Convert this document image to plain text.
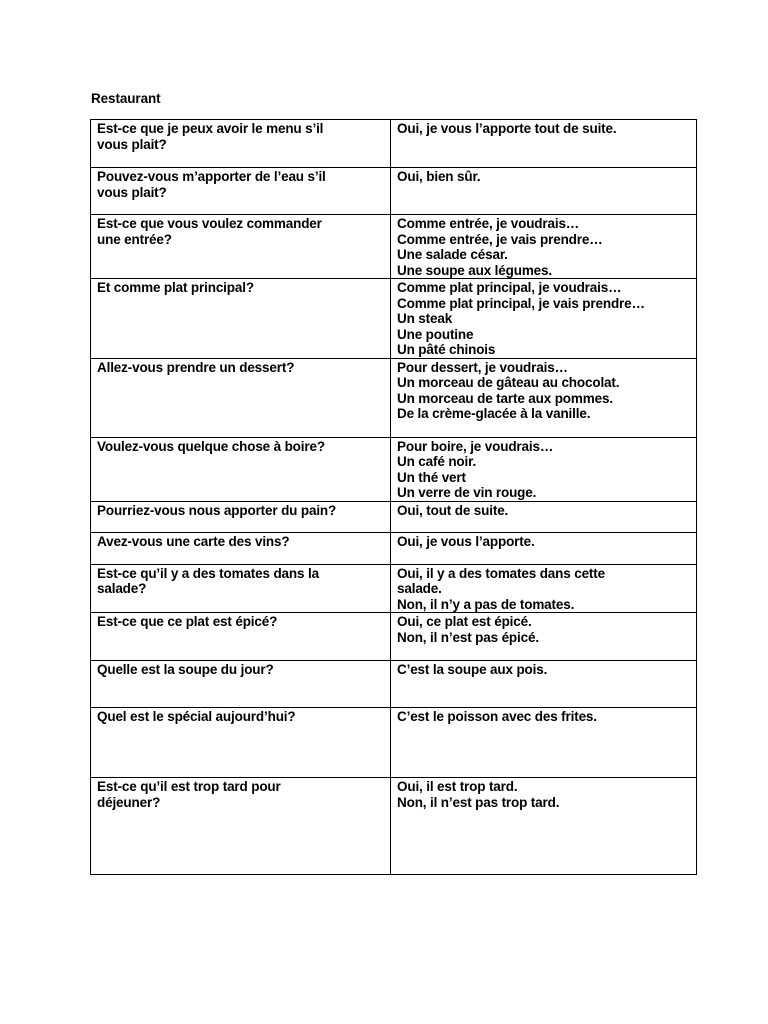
Restaurant
Est-ce que je peux avoir le menu s’il
vous plait?	Oui, je vous l’apporte tout de suite.

Pouvez-vous m’apporter de l’eau s’il
vous plait?	Oui, bien sûr.

Est-ce que vous voulez commander
une entrée?	Comme entrée, je voudrais…
Comme entrée, je vais prendre…
Une salade césar.
Une soupe aux légumes.

Et comme plat principal?	Comme plat principal, je voudrais…
Comme plat principal, je vais prendre…
Un steak
Une poutine
Un pâté chinois

Allez-vous prendre un dessert?	Pour dessert, je voudrais…
Un morceau de gâteau au chocolat.
Un morceau de tarte aux pommes.
De la crème-glacée à la vanille.

Voulez-vous quelque chose à boire?	Pour boire, je voudrais…
Un café noir.
Un thé vert
Un verre de vin rouge.

Pourriez-vous nous apporter du pain?	Oui, tout de suite.

Avez-vous une carte des vins?	Oui, je vous l’apporte.

Est-ce qu’il y a des tomates dans la
salade?	Oui, il y a des tomates dans cette
salade.
Non, il n’y a pas de tomates.

Est-ce que ce plat est épicé?	Oui, ce plat est épicé.
Non, il n’est pas épicé.

Quelle est la soupe du jour?	C’est la soupe aux pois.

Quel est le spécial aujourd’hui?	C’est le poisson avec des frites.

Est-ce qu’il est trop tard pour
déjeuner?	Oui, il est trop tard.
Non, il n’est pas trop tard.
